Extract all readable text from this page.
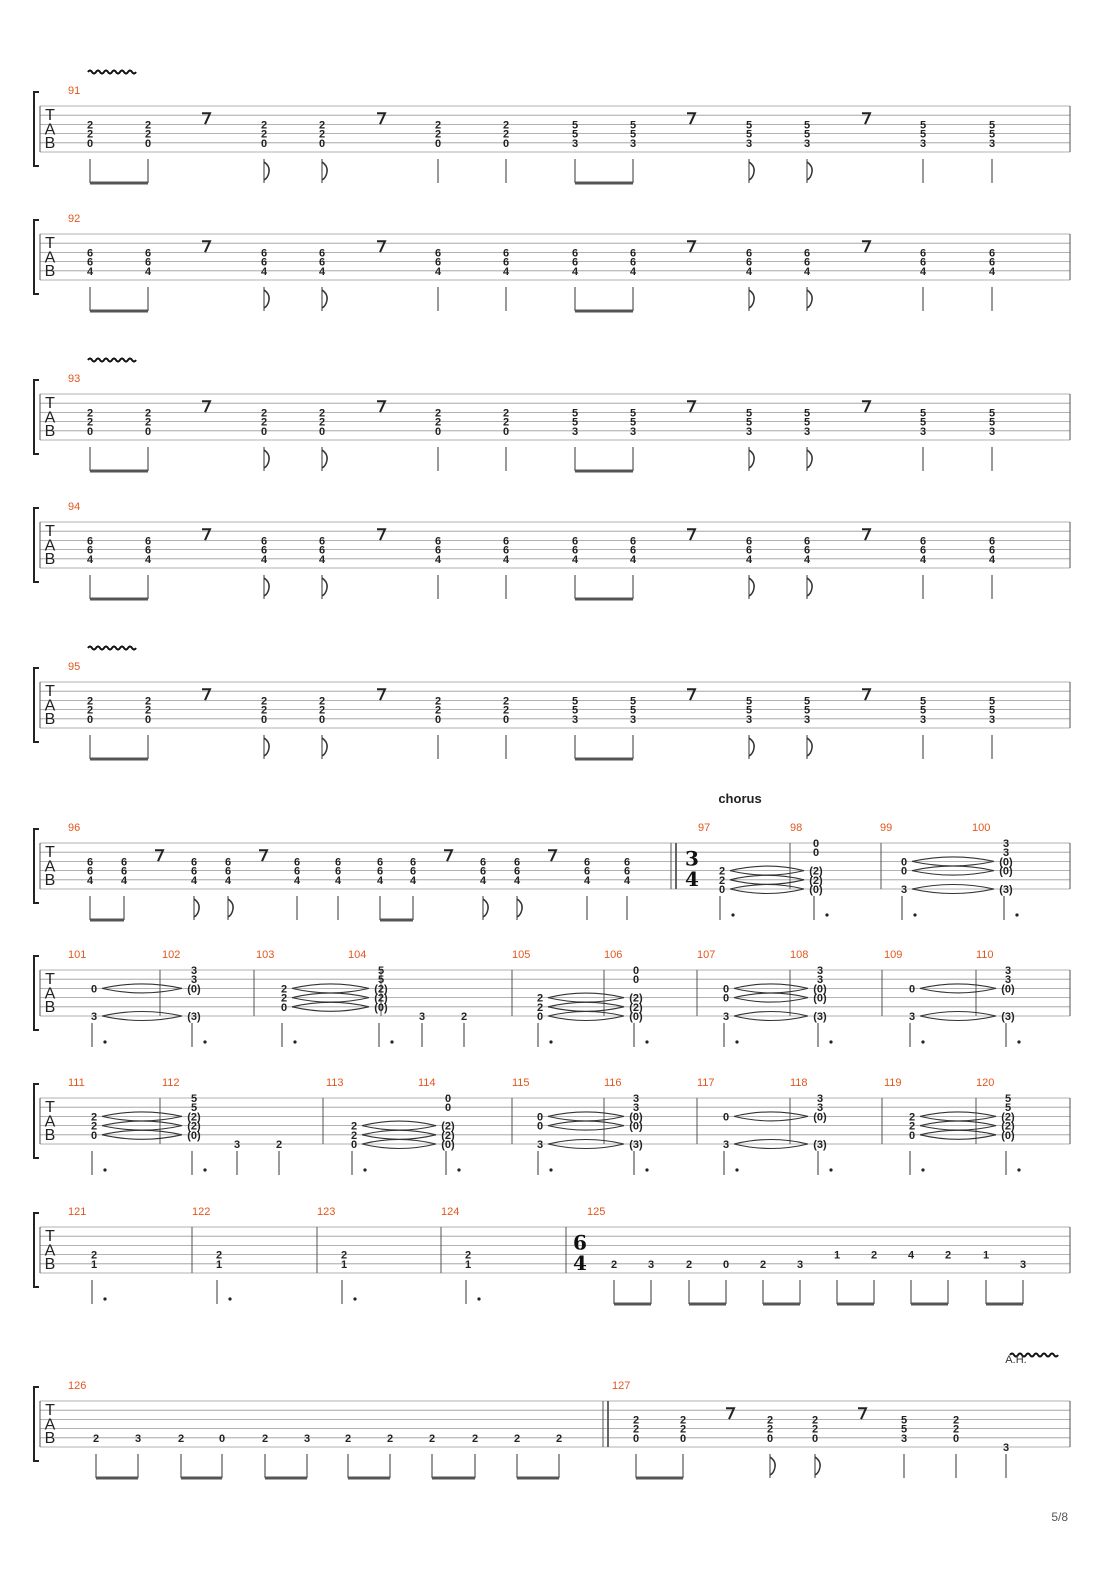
T
A
B
91
2
2
0
2
2
0
2
2
0
2
2
0
2
2
0
2
2
0
5
5
3
5
5
3
5
5
3
5
5
3
5
5
3
5
5
3
T
A
B
92
6
6
4
6
6
4
6
6
4
6
6
4
6
6
4
6
6
4
6
6
4
6
6
4
6
6
4
6
6
4
6
6
4
6
6
4
T
A
B
93
2
2
0
2
2
0
2
2
0
2
2
0
2
2
0
2
2
0
5
5
3
5
5
3
5
5
3
5
5
3
5
5
3
5
5
3
T
A
B
94
6
6
4
6
6
4
6
6
4
6
6
4
6
6
4
6
6
4
6
6
4
6
6
4
6
6
4
6
6
4
6
6
4
6
6
4
T
A
B
95
2
2
0
2
2
0
2
2
0
2
2
0
2
2
0
2
2
0
5
5
3
5
5
3
5
5
3
5
5
3
5
5
3
5
5
3
T
A
B
96
6
6
4
6
6
4
6
6
4
6
6
4
6
6
4
6
6
4
6
6
4
6
6
4
6
6
4
6
6
4
6
6
4
6
6
4
chorus
3
4
97	98	99	100
2
2
0
0
0
(2)
(2)
(0)
0
0
3
3
3
(0)
(0)
(3)
T
A
B
101	102	103	104	105	106	107	108	109	110
0
3
3
3
(0)
(3)
2
2
0
5
5
(2)
(2)
(0)
3	2
2
2
0
0
0
(2)
(2)
(0)
0
0
3
3
3
(0)
(0)
(3)
0
3
3
3
(0)
(3)
T
A
B
111	112	113	114	115	116	117	118	119	120
2
2
0
5
5
(2)
(2)
(0)
3	2
2
2
0
0
0
(2)
(2)
(0)
0
0
3
3
3
(0)
(0)
(3)
0
3
3
3
(0)
(3)
2
2
0
5
5
(2)
(2)
(0)
T
A
B
121	122	123	124	125
2
1
2
1
2
1
2
1
6
4 2	3	2	0	2	3
1	2	4	2	1
3
T
A
B
126	127
2	3	2	0	2	3	2	2	2	2	2	2
2
2
0
2
2
0
2
2
0
2
2
0
5
5
3
2
2
0
3
A.H.
5/8
